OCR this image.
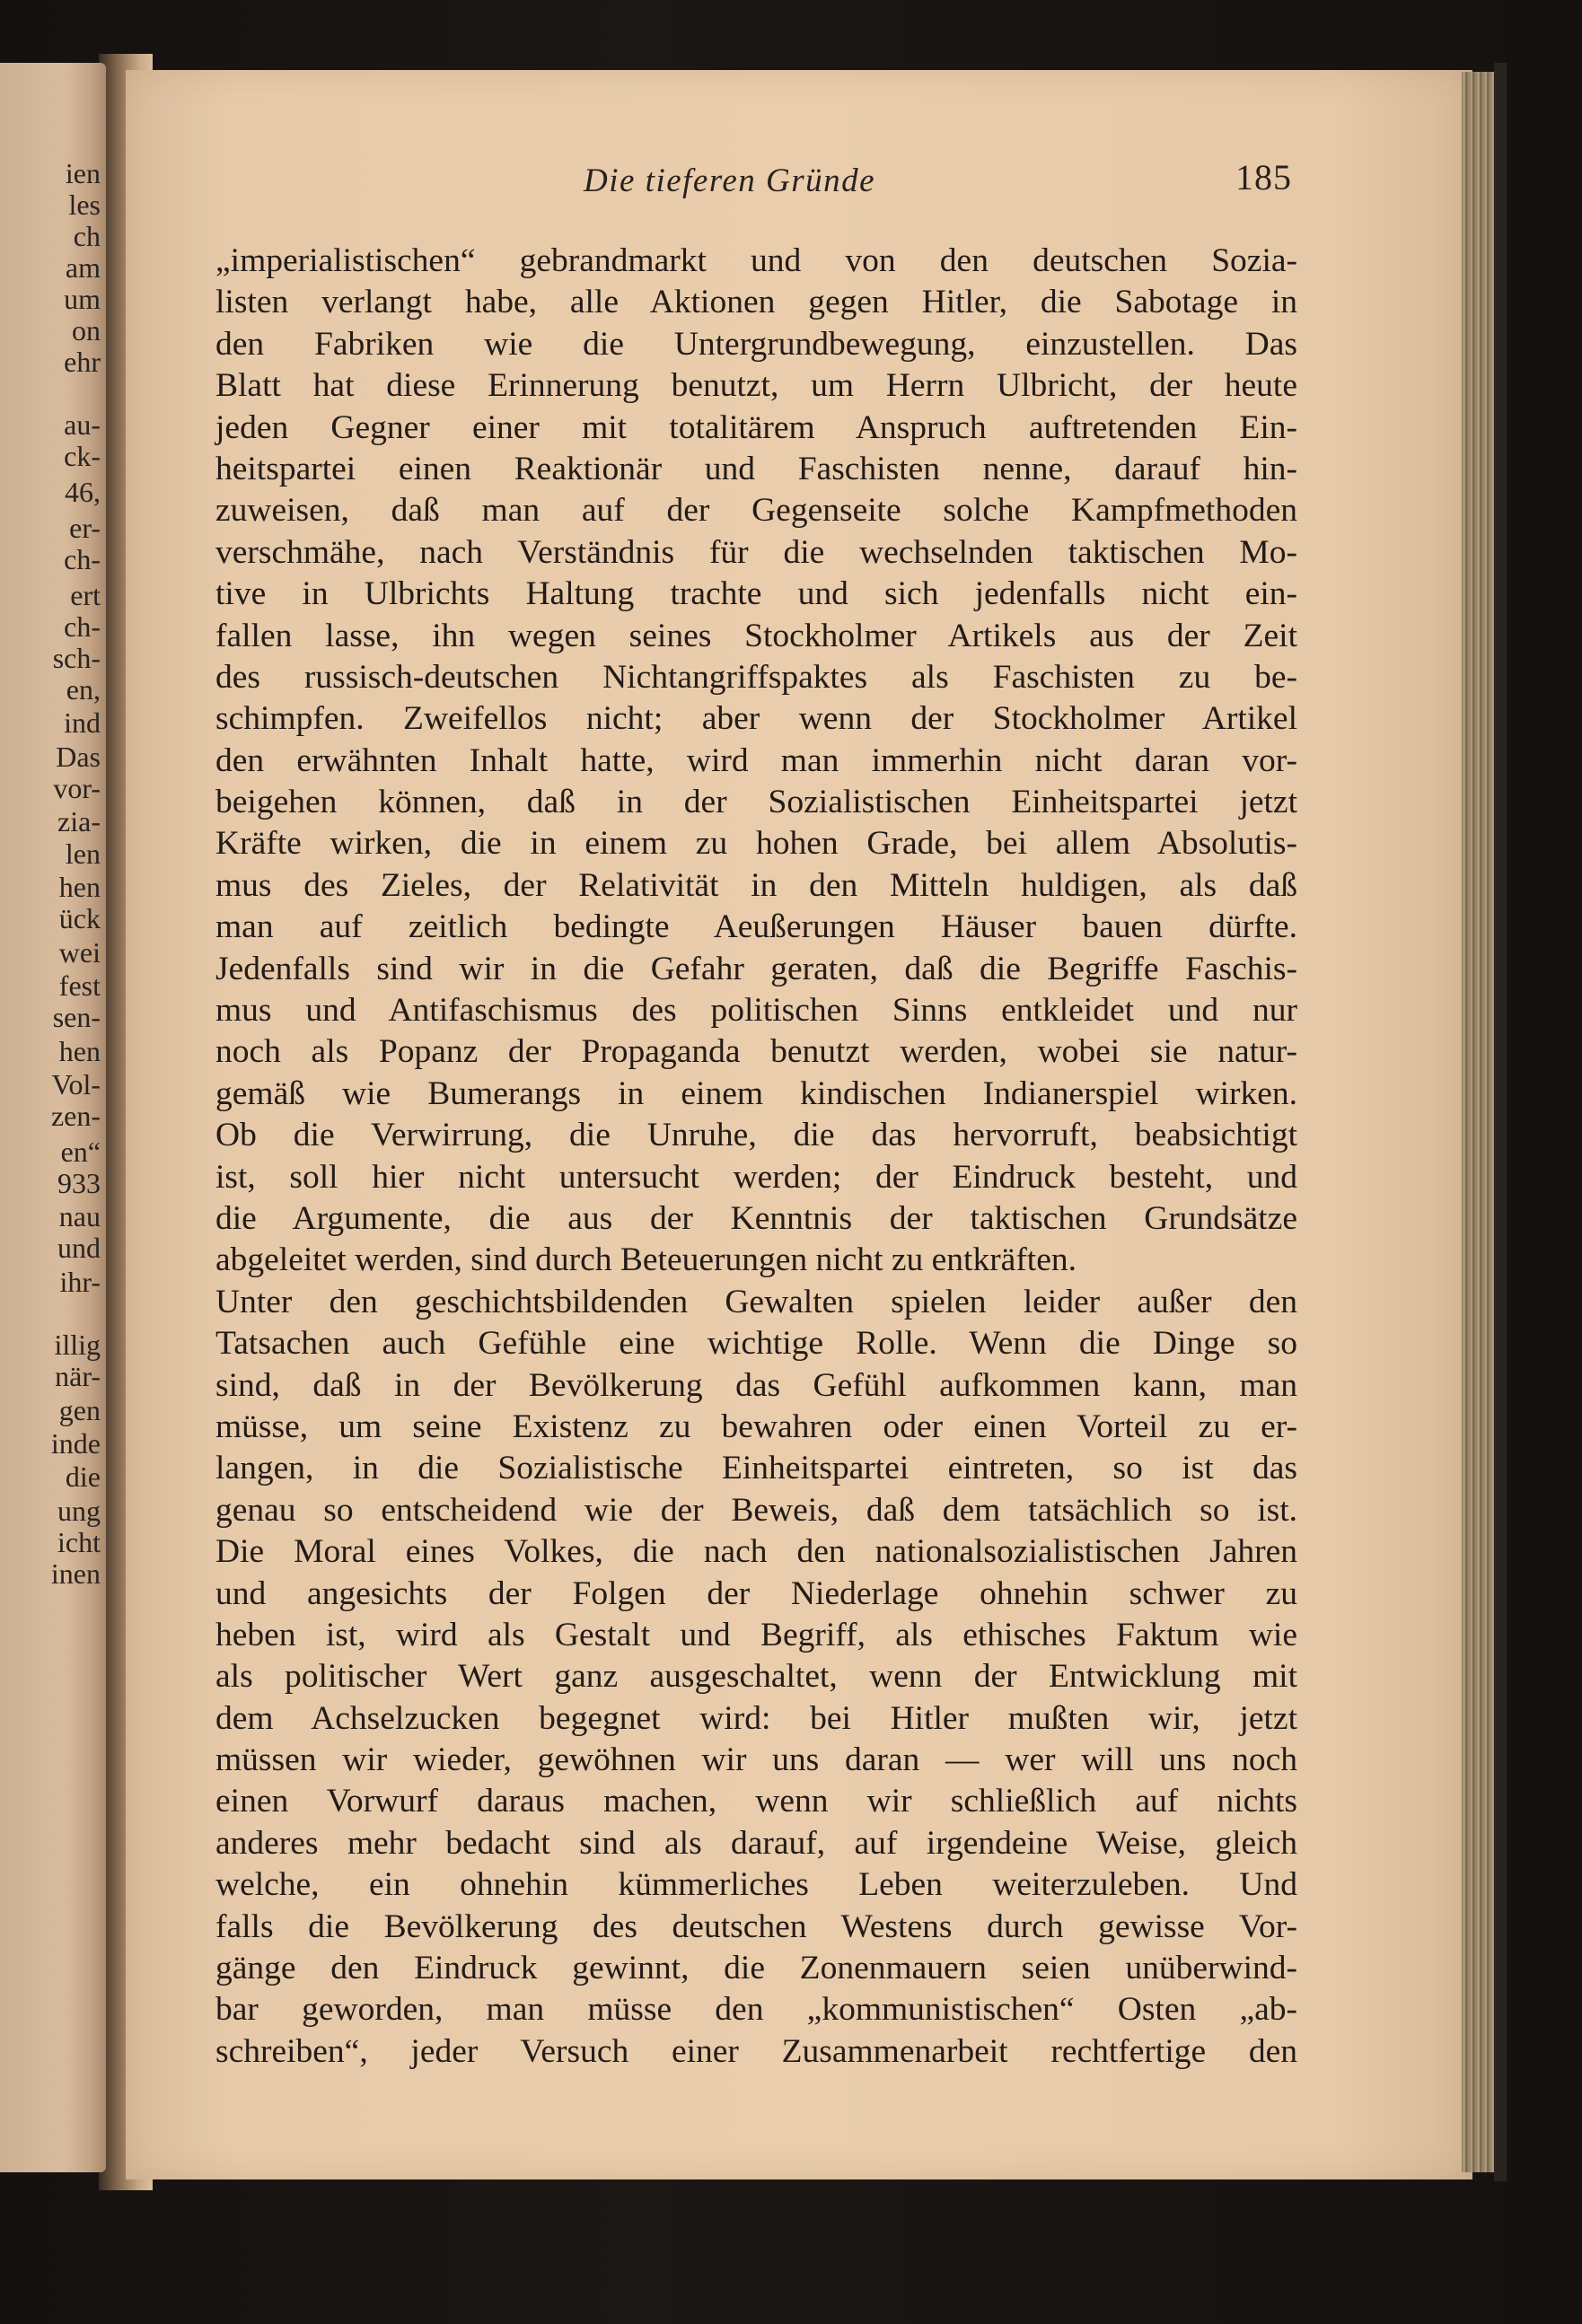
ien
les
ch
am
um
on
ehr
au-
ck-
46,
er-
ch-
ert
ch-
sch-
en,
ind
Das
vor-
zia-
len
hen
ück
wei
fest
sen-
hen
Vol-
zen-
en“
933
nau
und
ihr-
illig
när-
gen
inde
die
ung
icht
inen
Die tieferen Gründe	185
„imperialistischen“ gebrandmarkt und von den deutschen Sozia-
listen verlangt habe, alle Aktionen gegen Hitler, die Sabotage in
den Fabriken wie die Untergrundbewegung, einzustellen. Das
Blatt hat diese Erinnerung benutzt, um Herrn Ulbricht, der heute
jeden Gegner einer mit totalitärem Anspruch auftretenden Ein-
heitspartei einen Reaktionär und Faschisten nenne, darauf hin-
zuweisen, daß man auf der Gegenseite solche Kampfmethoden
verschmähe, nach Verständnis für die wechselnden taktischen Mo-
tive in Ulbrichts Haltung trachte und sich jedenfalls nicht ein-
fallen lasse, ihn wegen seines Stockholmer Artikels aus der Zeit
des russisch-deutschen Nichtangriffspaktes als Faschisten zu be-
schimpfen. Zweifellos nicht; aber wenn der Stockholmer Artikel
den erwähnten Inhalt hatte, wird man immerhin nicht daran vor-
beigehen können, daß in der Sozialistischen Einheitspartei jetzt
Kräfte wirken, die in einem zu hohen Grade, bei allem Absolutis-
mus des Zieles, der Relativität in den Mitteln huldigen, als daß
man auf zeitlich bedingte Aeußerungen Häuser bauen dürfte.
Jedenfalls sind wir in die Gefahr geraten, daß die Begriffe Faschis-
mus und Antifaschismus des politischen Sinns entkleidet und nur
noch als Popanz der Propaganda benutzt werden, wobei sie natur-
gemäß wie Bumerangs in einem kindischen Indianerspiel wirken.
Ob die Verwirrung, die Unruhe, die das hervorruft, beabsichtigt
ist, soll hier nicht untersucht werden; der Eindruck besteht, und
die Argumente, die aus der Kenntnis der taktischen Grundsätze
abgeleitet werden, sind durch Beteuerungen nicht zu entkräften.
Unter den geschichtsbildenden Gewalten spielen leider außer den
Tatsachen auch Gefühle eine wichtige Rolle. Wenn die Dinge so
sind, daß in der Bevölkerung das Gefühl aufkommen kann, man
müsse, um seine Existenz zu bewahren oder einen Vorteil zu er-
langen, in die Sozialistische Einheitspartei eintreten, so ist das
genau so entscheidend wie der Beweis, daß dem tatsächlich so ist.
Die Moral eines Volkes, die nach den nationalsozialistischen Jahren
und angesichts der Folgen der Niederlage ohnehin schwer zu
heben ist, wird als Gestalt und Begriff, als ethisches Faktum wie
als politischer Wert ganz ausgeschaltet, wenn der Entwicklung mit
dem Achselzucken begegnet wird: bei Hitler mußten wir, jetzt
müssen wir wieder, gewöhnen wir uns daran — wer will uns noch
einen Vorwurf daraus machen, wenn wir schließlich auf nichts
anderes mehr bedacht sind als darauf, auf irgendeine Weise, gleich
welche, ein ohnehin kümmerliches Leben weiterzuleben. Und
falls die Bevölkerung des deutschen Westens durch gewisse Vor-
gänge den Eindruck gewinnt, die Zonenmauern seien unüberwind-
bar geworden, man müsse den „kommunistischen“ Osten „ab-
schreiben“, jeder Versuch einer Zusammenarbeit rechtfertige den
